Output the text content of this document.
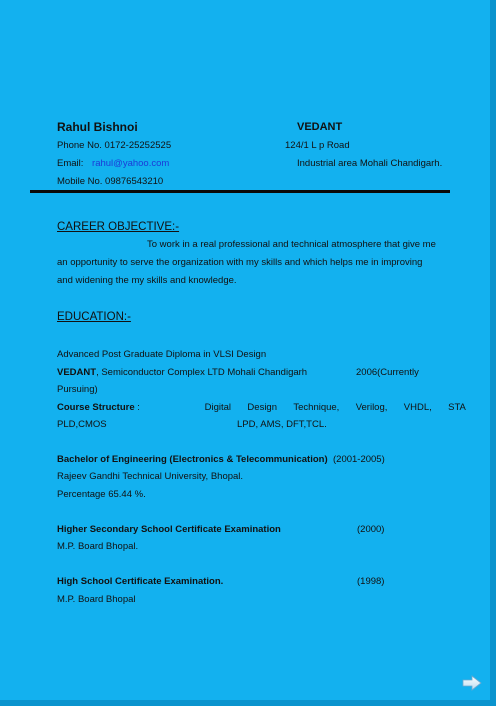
Rahul Bishnoi
Phone No. 0172-25252525
Email: rahul@yahoo.com
Mobile No. 09876543210
VEDANT
124/1 L p Road
Industrial area Mohali Chandigarh.
CAREER OBJECTIVE:-
To work in a real professional and technical atmosphere that give me
an opportunity to serve the organization with my skills and which helps me in improving
and widening the my skills and knowledge.
EDUCATION:-
Advanced Post Graduate Diploma in VLSI Design
VEDANT, Semiconductor Complex LTD Mohali Chandigarh	2006(Currently
Pursuing)
Course Structure :	Digital Design Technique, Verilog, VHDL, STA
PLD,CMOS	LPD, AMS, DFT,TCL.
Bachelor of Engineering (Electronics & Telecommunication) (2001-2005)
Rajeev Gandhi Technical University, Bhopal.
Percentage 65.44 %.
Higher Secondary School Certificate Examination	(2000)
M.P. Board Bhopal.
High School Certificate Examination.	(1998)
M.P. Board Bhopal
